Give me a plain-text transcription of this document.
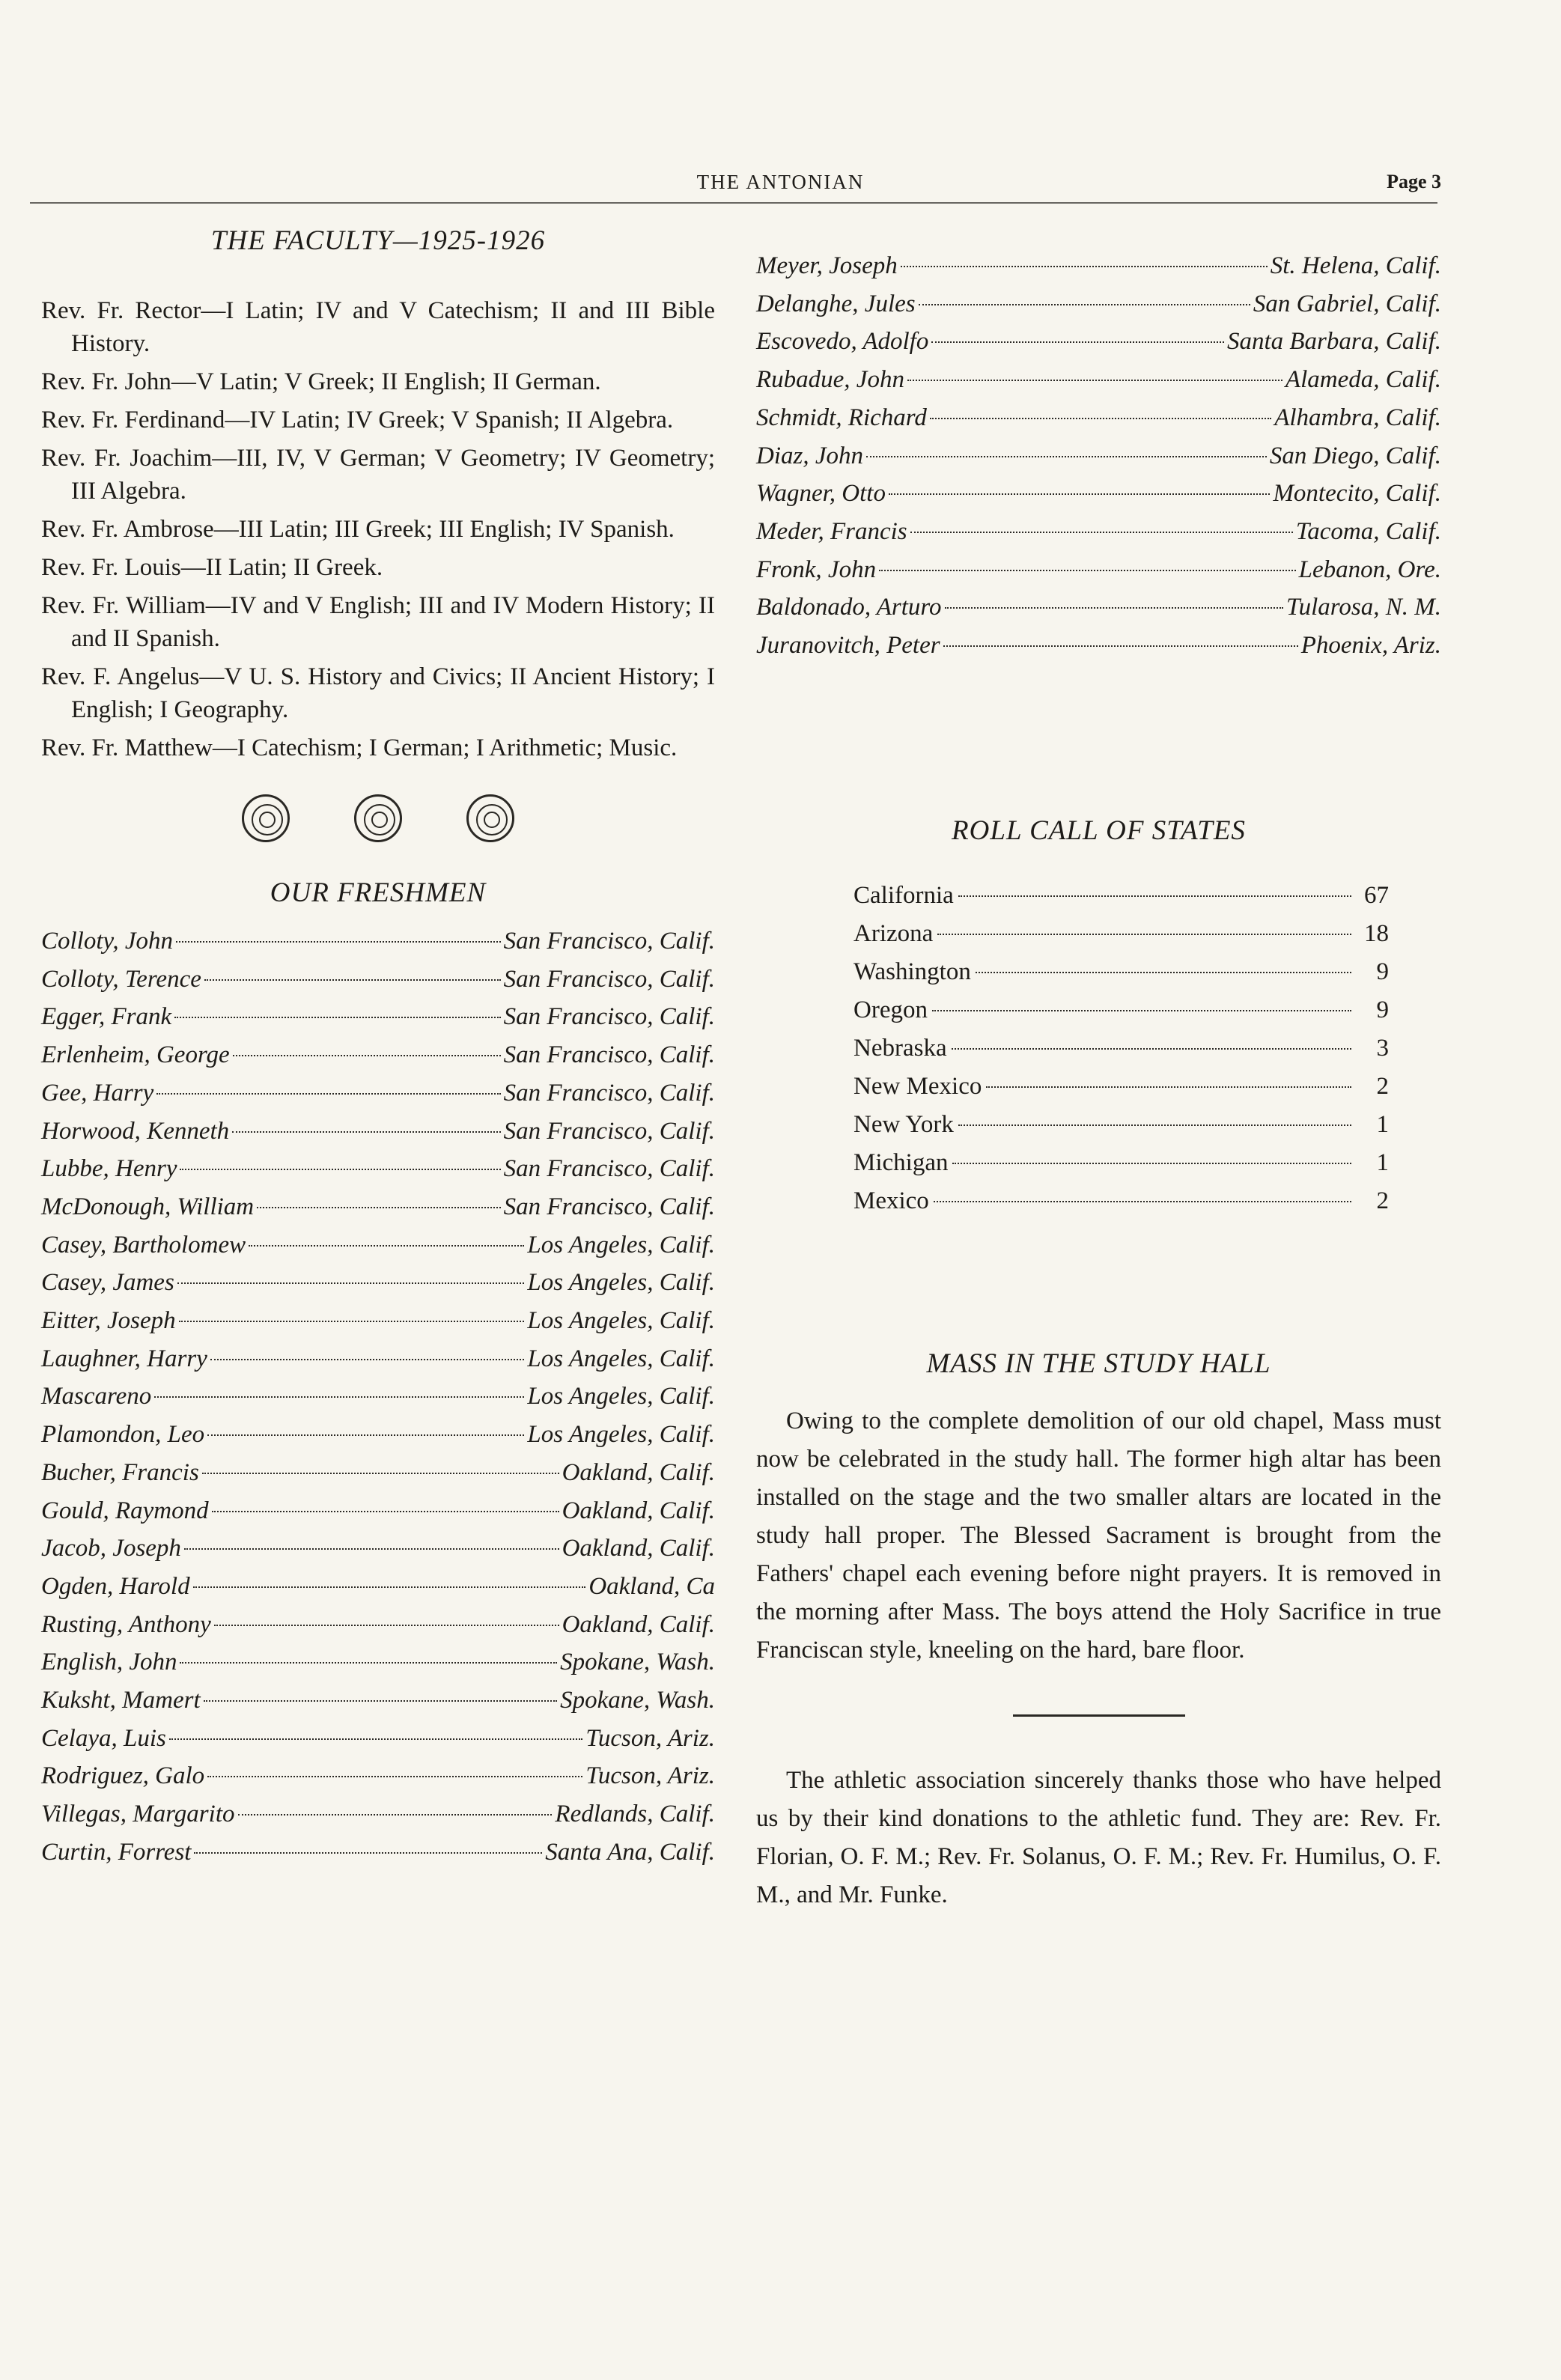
THE ANTONIAN	Page 3
THE FACULTY—1925-1926
Rev. Fr. Rector—I Latin; IV and V Catechism; II and III Bible History.
Rev. Fr. John—V Latin; V Greek; II English; II German.
Rev. Fr. Ferdinand—IV Latin; IV Greek; V Spanish; II Algebra.
Rev. Fr. Joachim—III, IV, V German; V Geometry; IV Geometry; III Algebra.
Rev. Fr. Ambrose—III Latin; III Greek; III English; IV Spanish.
Rev. Fr. Louis—II Latin; II Greek.
Rev. Fr. William—IV and V English; III and IV Modern History; II and II Spanish.
Rev. F. Angelus—V U. S. History and Civics; II Ancient History; I English; I Geography.
Rev. Fr. Matthew—I Catechism; I German; I Arithmetic; Music.
OUR FRESHMEN
Colloty, John	San Francisco, Calif.
Colloty, Terence	San Francisco, Calif.
Egger, Frank	San Francisco, Calif.
Erlenheim, George	San Francisco, Calif.
Gee, Harry	San Francisco, Calif.
Horwood, Kenneth	San Francisco, Calif.
Lubbe, Henry	San Francisco, Calif.
McDonough, William	San Francisco, Calif.
Casey, Bartholomew	Los Angeles, Calif.
Casey, James	Los Angeles, Calif.
Eitter, Joseph	Los Angeles, Calif.
Laughner, Harry	Los Angeles, Calif.
Mascareno	Los Angeles, Calif.
Plamondon, Leo	Los Angeles, Calif.
Bucher, Francis	Oakland, Calif.
Gould, Raymond	Oakland, Calif.
Jacob, Joseph	Oakland, Calif.
Ogden, Harold	Oakland, Ca
Rusting, Anthony	Oakland, Calif.
English, John	Spokane, Wash.
Kuksht, Mamert	Spokane, Wash.
Celaya, Luis	Tucson, Ariz.
Rodriguez, Galo	Tucson, Ariz.
Villegas, Margarito	Redlands, Calif.
Curtin, Forrest	Santa Ana, Calif.
Meyer, Joseph	St. Helena, Calif.
Delanghe, Jules	San Gabriel, Calif.
Escovedo, Adolfo	Santa Barbara, Calif.
Rubadue, John	Alameda, Calif.
Schmidt, Richard	Alhambra, Calif.
Diaz, John	San Diego, Calif.
Wagner, Otto	Montecito, Calif.
Meder, Francis	Tacoma, Calif.
Fronk, John	Lebanon, Ore.
Baldonado, Arturo	Tularosa, N. M.
Juranovitch, Peter	Phoenix, Ariz.
ROLL CALL OF STATES
California	67
Arizona	18
Washington	9
Oregon	9
Nebraska	3
New Mexico	2
New York	1
Michigan	1
Mexico	2
MASS IN THE STUDY HALL

Owing to the complete demolition of our old chapel, Mass must now be celebrated in the study hall. The former high altar has been installed on the stage and the two smaller altars are located in the study hall proper. The Blessed Sacrament is brought from the Fathers' chapel each evening before night prayers. It is removed in the morning after Mass. The boys attend the Holy Sacrifice in true Franciscan style, kneeling on the hard, bare floor.

The athletic association sincerely thanks those who have helped us by their kind donations to the athletic fund. They are: Rev. Fr. Florian, O. F. M.; Rev. Fr. Solanus, O. F. M.; Rev. Fr. Humilus, O. F. M., and Mr. Funke.
